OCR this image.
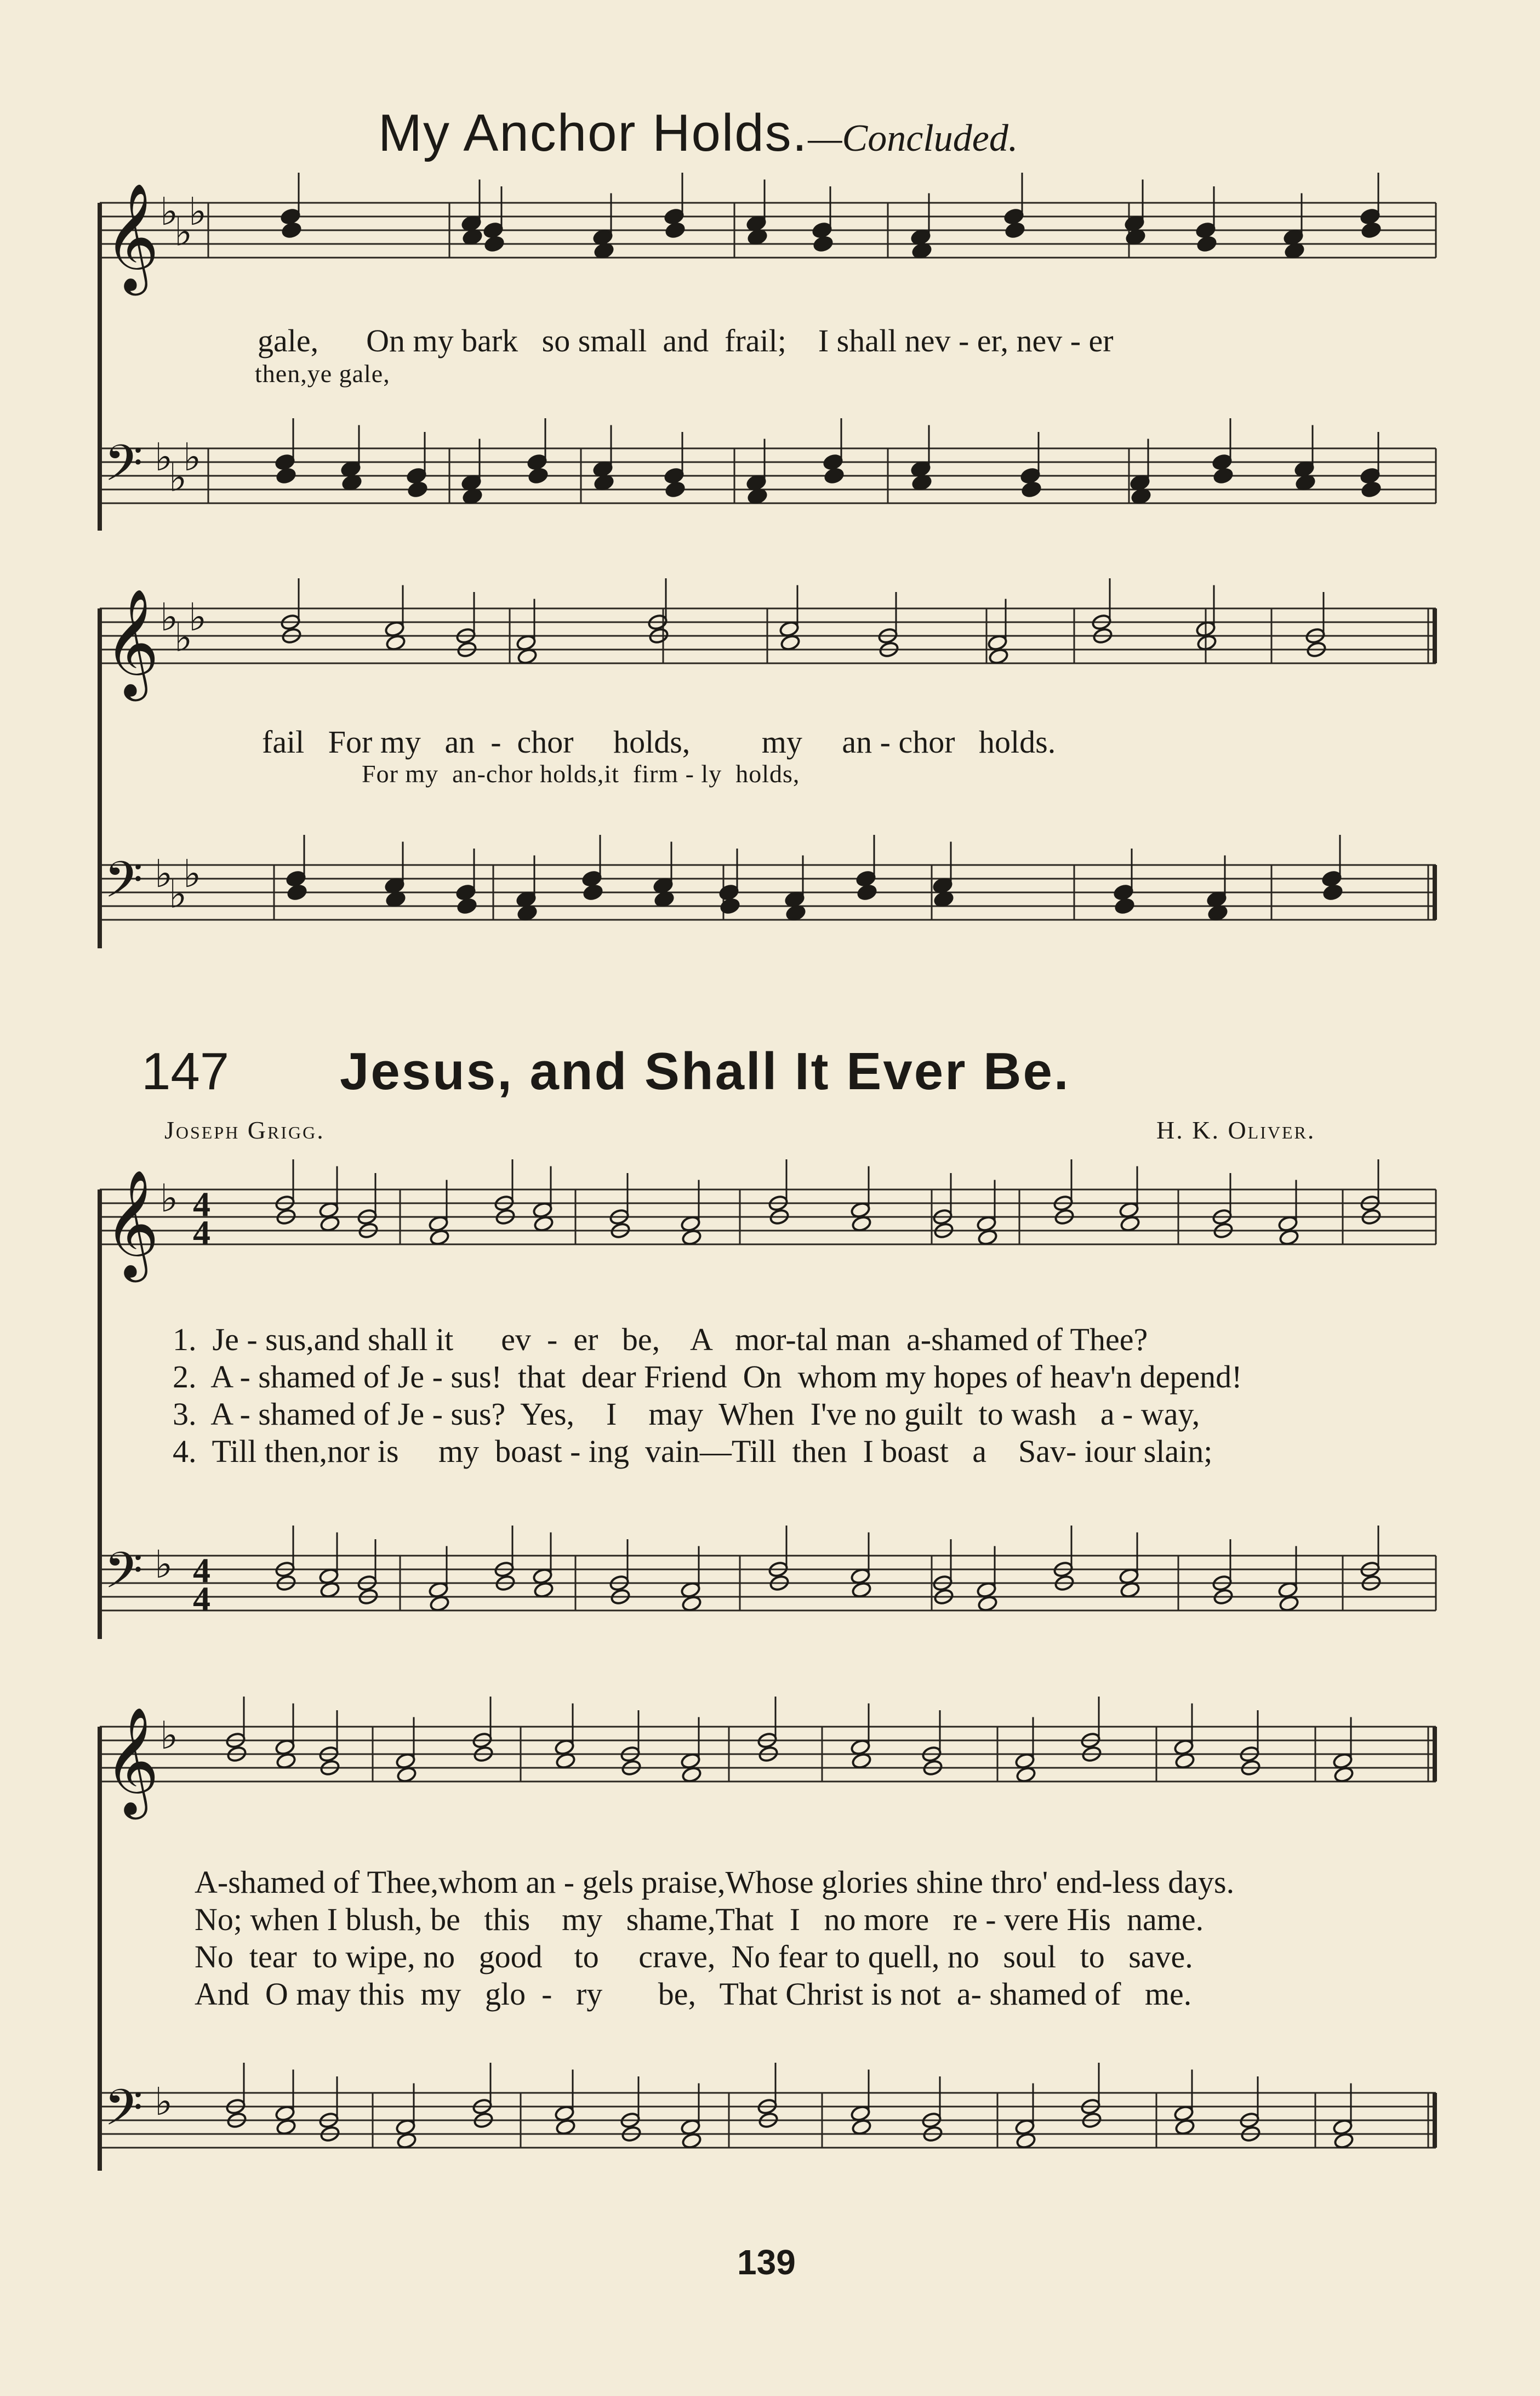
𝄞 ♭
♭
♭
𝄢 ♭
♭
♭
𝄞 ♭
♭
♭
𝄢 ♭
♭
♭
𝄞 ♭ 4
4
𝄢 ♭ 4
4
𝄞 ♭
𝄢 ♭
My Anchor Holds.—Concluded.
gale,      On my bark   so small  and  frail;    I shall nev - er, nev - er
then,ye gale,
fail   For my   an  -  chor     holds,         my     an - chor   holds.
For my  an-chor holds,it  firm - ly  holds,
147 Jesus, and Shall It Ever Be.
Joseph Grigg.	H. K. Oliver.
1.  Je - sus,and shall it      ev  -  er   be,    A   mor-tal man  a-shamed of Thee?
2.  A - shamed of Je - sus!  that  dear Friend  On  whom my hopes of heav'n depend!
3.  A - shamed of Je - sus?  Yes,    I    may  When  I've no guilt  to wash   a - way,
4.  Till then,nor is     my  boast - ing  vain—Till  then  I boast   a    Sav- iour slain;
A-shamed of Thee,whom an - gels praise,Whose glories shine thro' end-less days.
No; when I blush, be   this    my   shame,That  I   no more   re - vere His  name.
No  tear  to wipe, no   good    to     crave,  No fear to quell, no   soul   to   save.
And  O may this  my   glo  -   ry       be,   That Christ is not  a- shamed of   me.
139
